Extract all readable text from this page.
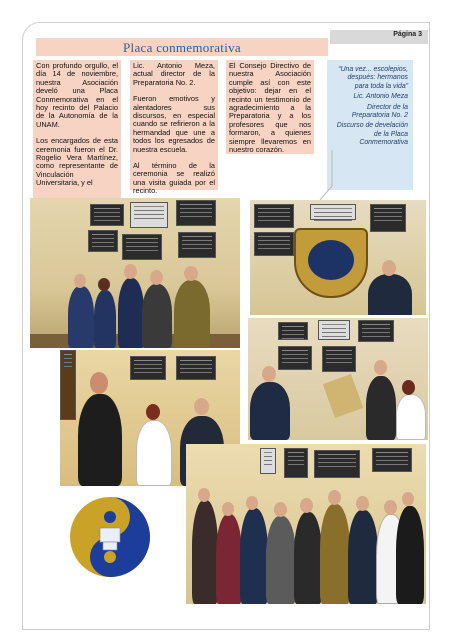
Página 3
Placa conmemorativa

Con profundo orgullo, el día 14 de noviembre, nuestra Asociación develó una Placa Conmemorativa en el hoy recinto del Palacio de la Autonomía de la UNAM.

Los encargados de esta ceremonia fueron el Dr. Rogelio Vera Martínez, como representante de Vinculación Universitaria, y el

Lic. Antonio Meza, actual director de la Preparatoria No. 2.

Fueron emotivos y alentadores sus discursos, en especial cuando se refirieron a la hermandad que une a todos los egresados de nuestra escuela.

Al término de la ceremonia se realizó una visita guiada por el recinto.

El Consejo Directivo de nuestra Asociación cumple así con este objetivo: dejar en el recinto un testimonio de agradecimiento a la Preparatoria y a los profesores que nos formaron, a quienes siempre llevaremos en nuestro corazón.

“Una vez... escolepios, después: hermanos para toda la vida”
Lic. Antonio Meza
Director de la Preparatoria No. 2
Discurso de develación de la Placa Conmemorativa
